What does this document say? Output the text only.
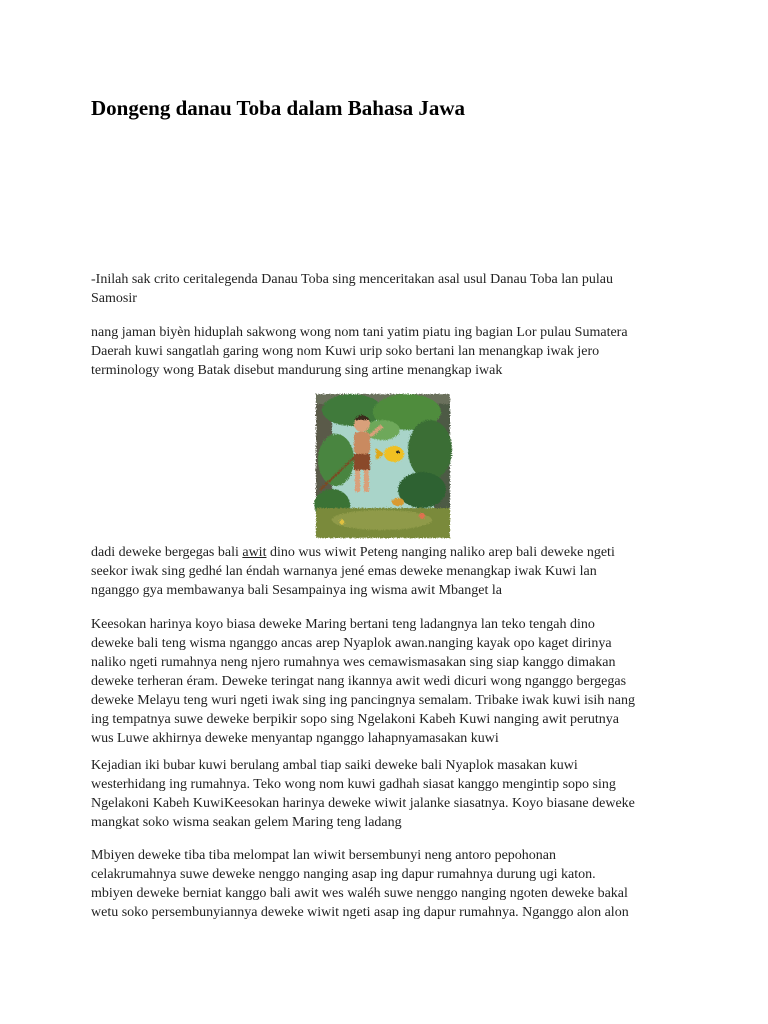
Dongeng danau Toba dalam Bahasa Jawa
-Inilah sak crito ceritalegenda Danau Toba sing menceritakan asal usul Danau Toba lan pulau
Samosir
nang jaman biyèn hiduplah sakwong wong nom tani yatim piatu ing bagian Lor pulau Sumatera
Daerah kuwi sangatlah garing wong nom Kuwi urip soko bertani lan menangkap iwak jero
terminology wong Batak disebut mandurung sing artine menangkap iwak
dadi deweke bergegas bali awit dino wus wiwit Peteng nanging naliko arep bali deweke ngeti
seekor iwak sing gedhé lan éndah warnanya jené emas deweke menangkap iwak Kuwi lan
nganggo gya membawanya bali Sesampainya ing wisma awit Mbanget la
Keesokan harinya koyo biasa deweke Maring bertani teng ladangnya lan teko tengah dino
deweke bali teng wisma nganggo ancas arep Nyaplok awan.nanging kayak opo kaget dirinya
naliko ngeti rumahnya neng njero rumahnya wes cemawismasakan sing siap kanggo dimakan
deweke terheran éram. Deweke teringat nang ikannya awit wedi dicuri wong nganggo bergegas
deweke Melayu teng wuri ngeti iwak sing ing pancingnya semalam. Tribake iwak kuwi isih nang
ing tempatnya suwe deweke berpikir sopo sing Ngelakoni Kabeh Kuwi nanging awit perutnya
wus Luwe akhirnya deweke menyantap nganggo lahapnyamasakan kuwi
Kejadian iki bubar kuwi berulang ambal tiap saiki deweke bali Nyaplok masakan kuwi
westerhidang ing rumahnya. Teko wong nom kuwi gadhah siasat kanggo mengintip sopo sing
Ngelakoni Kabeh KuwiKeesokan harinya deweke wiwit jalanke siasatnya. Koyo biasane deweke
mangkat soko wisma seakan gelem Maring teng ladang
Mbiyen deweke tiba tiba melompat lan wiwit bersembunyi neng antoro pepohonan
celakrumahnya suwe deweke nenggo nanging asap ing dapur rumahnya durung ugi katon.
mbiyen deweke berniat kanggo bali awit wes waléh suwe nenggo nanging ngoten deweke bakal
wetu soko persembunyiannya deweke wiwit ngeti asap ing dapur rumahnya. Nganggo alon alon
